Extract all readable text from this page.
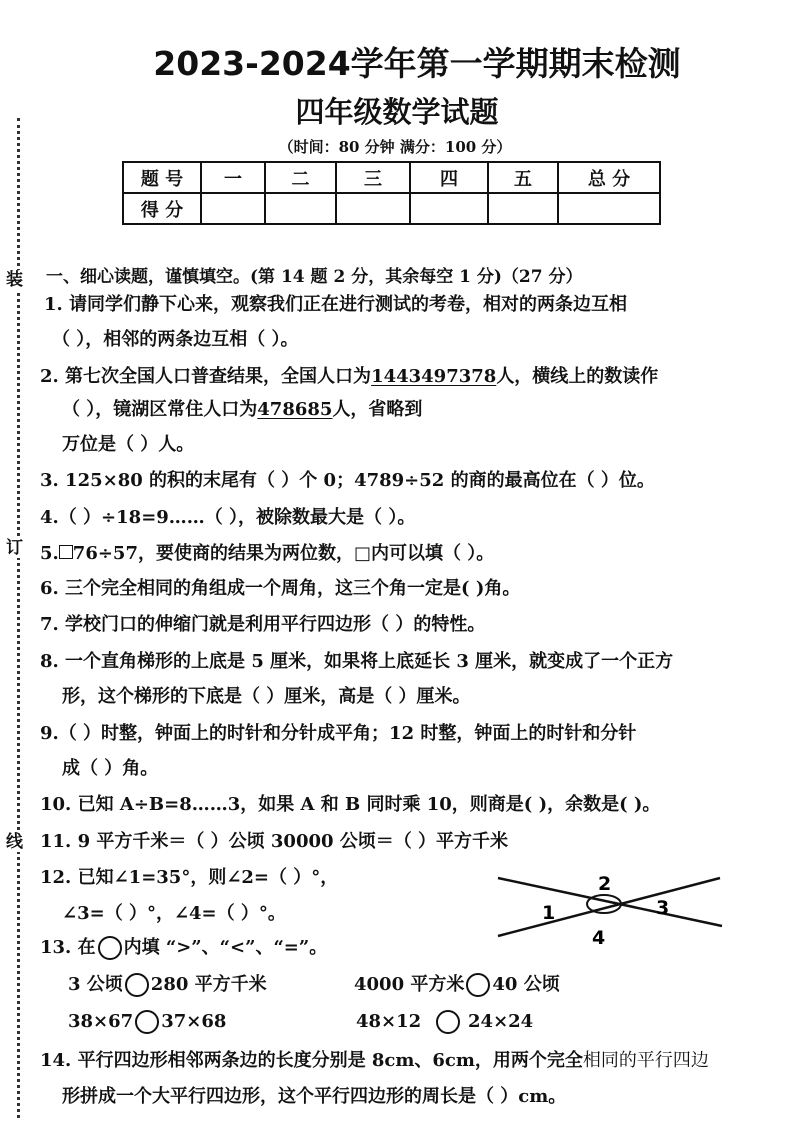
装
订
线
2023-2024学年第一学期期末检测
四年级数学试题
（时间：80 分钟 满分：100 分）
题 号	一	二	三	四	五	总 分
得 分						
一、细心读题，谨慎填空。(第 14 题 2 分，其余每空 1 分)（27 分）
1. 请同学们静下心来，观察我们正在进行测试的考卷，相对的两条边互相
（ ），相邻的两条边互相（ ）。
2. 第七次全国人口普查结果，全国人口为1443497378人，横线上的数读作
（ ），镜湖区常住人口为478685人，省略到
万位是（ ）人。
3. 125×80 的积的末尾有（ ）个 0；4789÷52 的商的最高位在（ ）位。
4.（ ）÷18=9……（ ），被除数最大是（ ）。
5. 76÷57，要使商的结果为两位数，□内可以填（ ）。
6. 三个完全相同的角组成一个周角，这三个角一定是( )角。
7. 学校门口的伸缩门就是利用平行四边形（ ）的特性。
8. 一个直角梯形的上底是 5 厘米，如果将上底延长 3 厘米，就变成了一个正方
形，这个梯形的下底是（ ）厘米，高是（ ）厘米。
9.（ ）时整，钟面上的时针和分针成平角；12 时整，钟面上的时针和分针
成（ ）角。
10. 已知 A÷B=8……3，如果 A 和 B 同时乘 10，则商是( )，余数是( )。
11. 9 平方千米＝（ ）公顷 30000 公顷＝（ ）平方千米
12. 已知∠1=35°，则∠2=（ ）°，
∠3=（ ）°，∠4=（ ）°。
2
1	3
4
13. 在 内填 “>”、“<”、“=”。
3 公顷 280 平方千米	4000 平方米 40 公顷
38×67 37×68	48×12	24×24
14. 平行四边形相邻两条边的长度分别是 8cm、6cm，用两个完全相同的平行四边
形拼成一个大平行四边形，这个平行四边形的周长是（ ）cm。
